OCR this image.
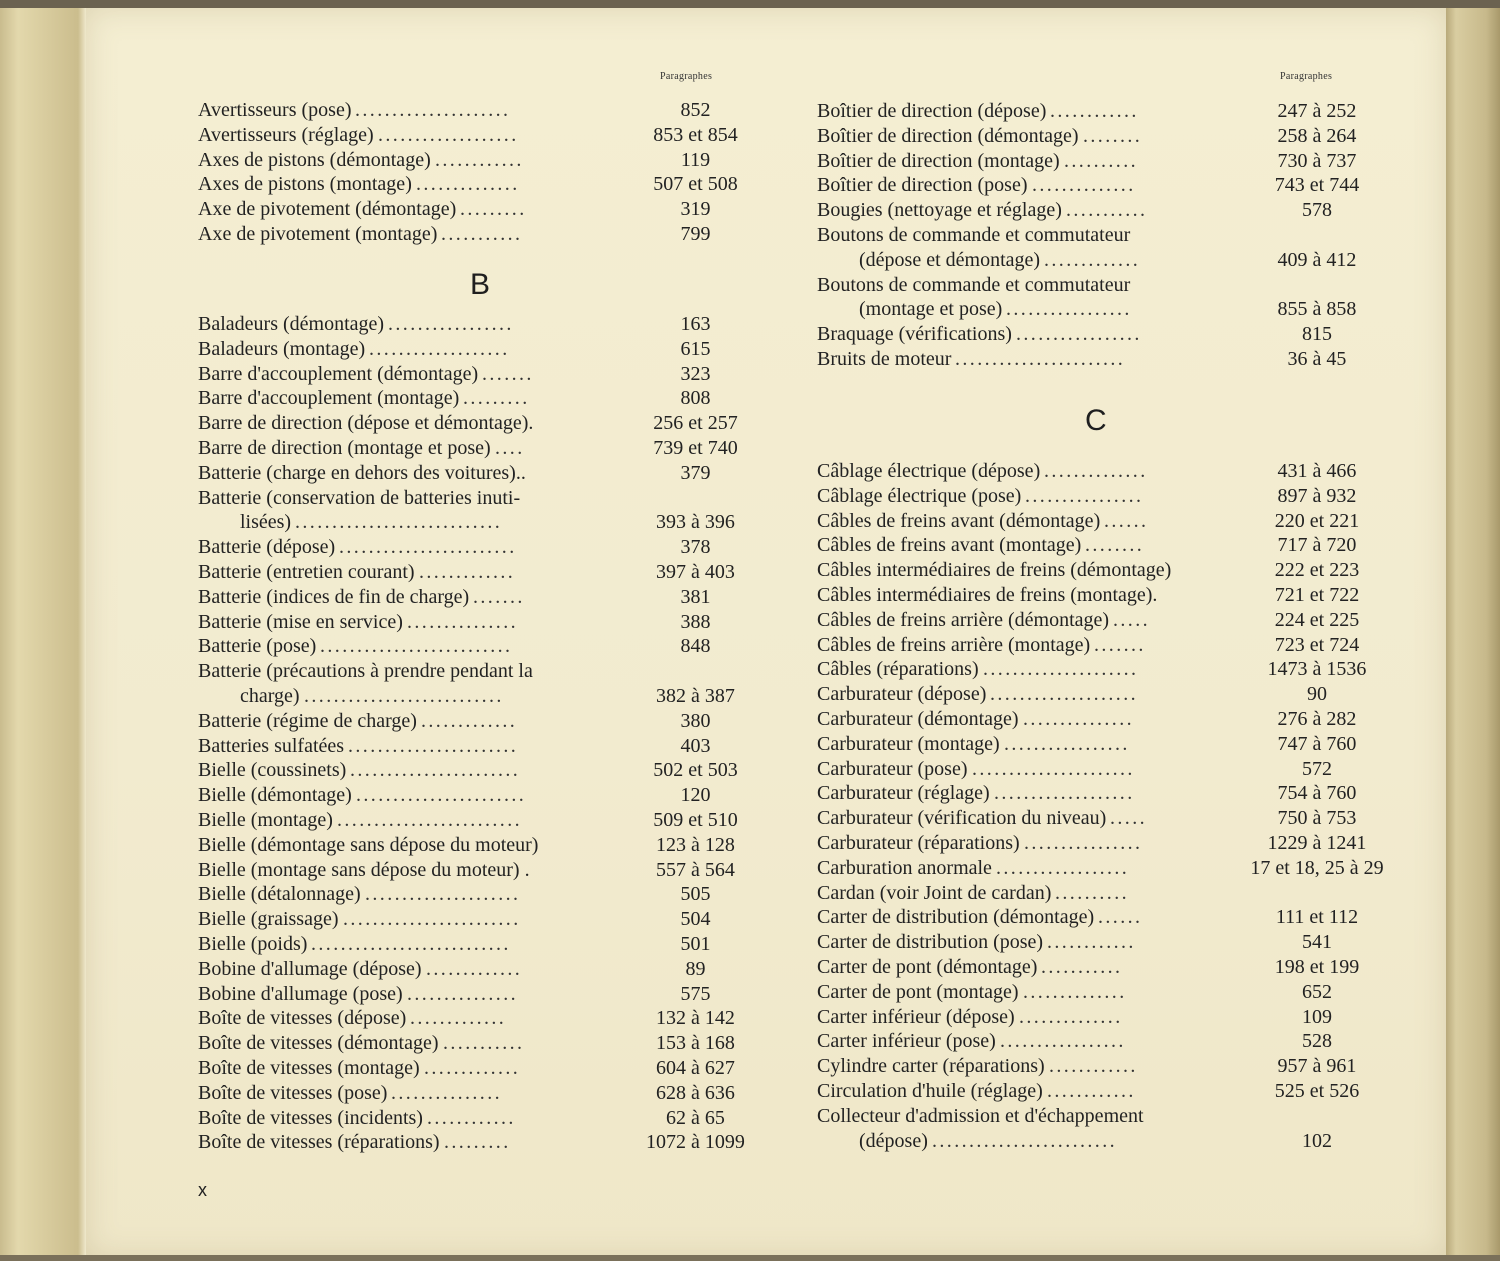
Paragraphes
Avertisseurs (pose) .....................	852
Avertisseurs (réglage) ...................	853 et 854
Axes de pistons (démontage) ............	119
Axes de pistons (montage) ..............	507 et 508
Axe de pivotement (démontage) .........	319
Axe de pivotement (montage) ...........	799
B
Baladeurs (démontage) .................	163
Baladeurs (montage) ...................	615
Barre d'accouplement (démontage) .......	323
Barre d'accouplement (montage) .........	808
Barre de direction (dépose et démontage).	256 et 257
Barre de direction (montage et pose) ....	739 et 740
Batterie (charge en dehors des voitures)..	379
Batterie (conservation de batteries inuti-
lisées) ............................	393 à 396
Batterie (dépose) ........................	378
Batterie (entretien courant) .............	397 à 403
Batterie (indices de fin de charge) .......	381
Batterie (mise en service) ...............	388
Batterie (pose) ..........................	848
Batterie (précautions à prendre pendant la
charge) ...........................	382 à 387
Batterie (régime de charge) .............	380
Batteries sulfatées .......................	403
Bielle (coussinets) .......................	502 et 503
Bielle (démontage) .......................	120
Bielle (montage) .........................	509 et 510
Bielle (démontage sans dépose du moteur)	123 à 128
Bielle (montage sans dépose du moteur) .	557 à 564
Bielle (détalonnage) .....................	505
Bielle (graissage) ........................	504
Bielle (poids) ...........................	501
Bobine d'allumage (dépose) .............	89
Bobine d'allumage (pose) ...............	575
Boîte de vitesses (dépose) .............	132 à 142
Boîte de vitesses (démontage) ...........	153 à 168
Boîte de vitesses (montage) .............	604 à 627
Boîte de vitesses (pose) ...............	628 à 636
Boîte de vitesses (incidents) ............	62 à 65
Boîte de vitesses (réparations) .........	1072 à 1099
Paragraphes
Boîtier de direction (dépose) ............	247 à 252
Boîtier de direction (démontage) ........	258 à 264
Boîtier de direction (montage) ..........	730 à 737
Boîtier de direction (pose) ..............	743 et 744
Bougies (nettoyage et réglage) ...........	578
Boutons de commande et commutateur
(dépose et démontage) .............	409 à 412
Boutons de commande et commutateur
(montage et pose) .................	855 à 858
Braquage (vérifications) .................	815
Bruits de moteur .......................	36 à 45
C
Câblage électrique (dépose) ..............	431 à 466
Câblage électrique (pose) ................	897 à 932
Câbles de freins avant (démontage) ......	220 et 221
Câbles de freins avant (montage) ........	717 à 720
Câbles intermédiaires de freins (démontage)	222 et 223
Câbles intermédiaires de freins (montage).	721 et 722
Câbles de freins arrière (démontage) .....	224 et 225
Câbles de freins arrière (montage) .......	723 et 724
Câbles (réparations) .....................	1473 à 1536
Carburateur (dépose) ....................	90
Carburateur (démontage) ...............	276 à 282
Carburateur (montage) .................	747 à 760
Carburateur (pose) ......................	572
Carburateur (réglage) ...................	754 à 760
Carburateur (vérification du niveau) .....	750 à 753
Carburateur (réparations) ................	1229 à 1241
Carburation anormale ..................	17 et 18, 25 à 29
Cardan (voir Joint de cardan) ..........
Carter de distribution (démontage) ......	111 et 112
Carter de distribution (pose) ............	541
Carter de pont (démontage) ...........	198 et 199
Carter de pont (montage) ..............	652
Carter inférieur (dépose) ..............	109
Carter inférieur (pose) .................	528
Cylindre carter (réparations) ............	957 à 961
Circulation d'huile (réglage) ............	525 et 526
Collecteur d'admission et d'échappement
(dépose) .........................	102
x
